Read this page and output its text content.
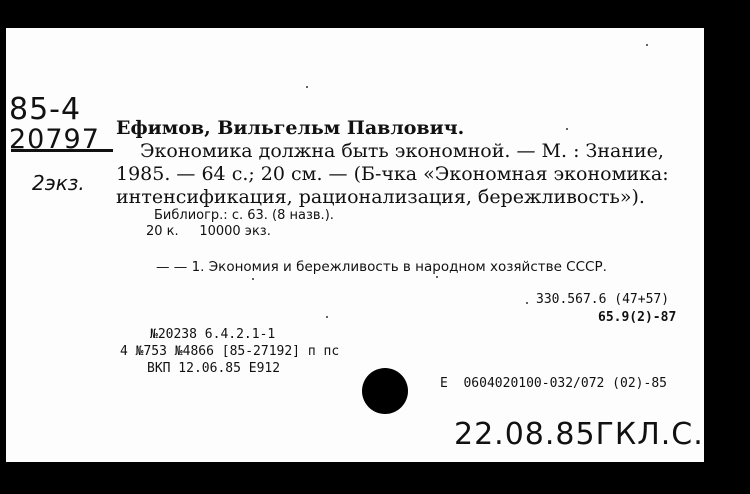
85-4
20797
2экз.
Ефимов, Вильгельм Павлович.
Экономика должна быть экономной. — М. : Знание,
1985. — 64 с.; 20 см. — (Б-чка «Экономная экономика:
интенсификация, рационализация, бережливость»).
Библиогр.: с. 63. (8 назв.).
20 к.     10000 экз.
— — 1. Экономия и бережливость в народном хозяйстве СССР.
330.567.6 (47+57)
65.9(2)-87
№20238 6.4.2.1-1
4 №753 №4866 [85-27192] п пс
ВКП 12.06.85 Е912
Е  0604020100-032/072 (02)-85
22.08.85ГКЛ.С.
